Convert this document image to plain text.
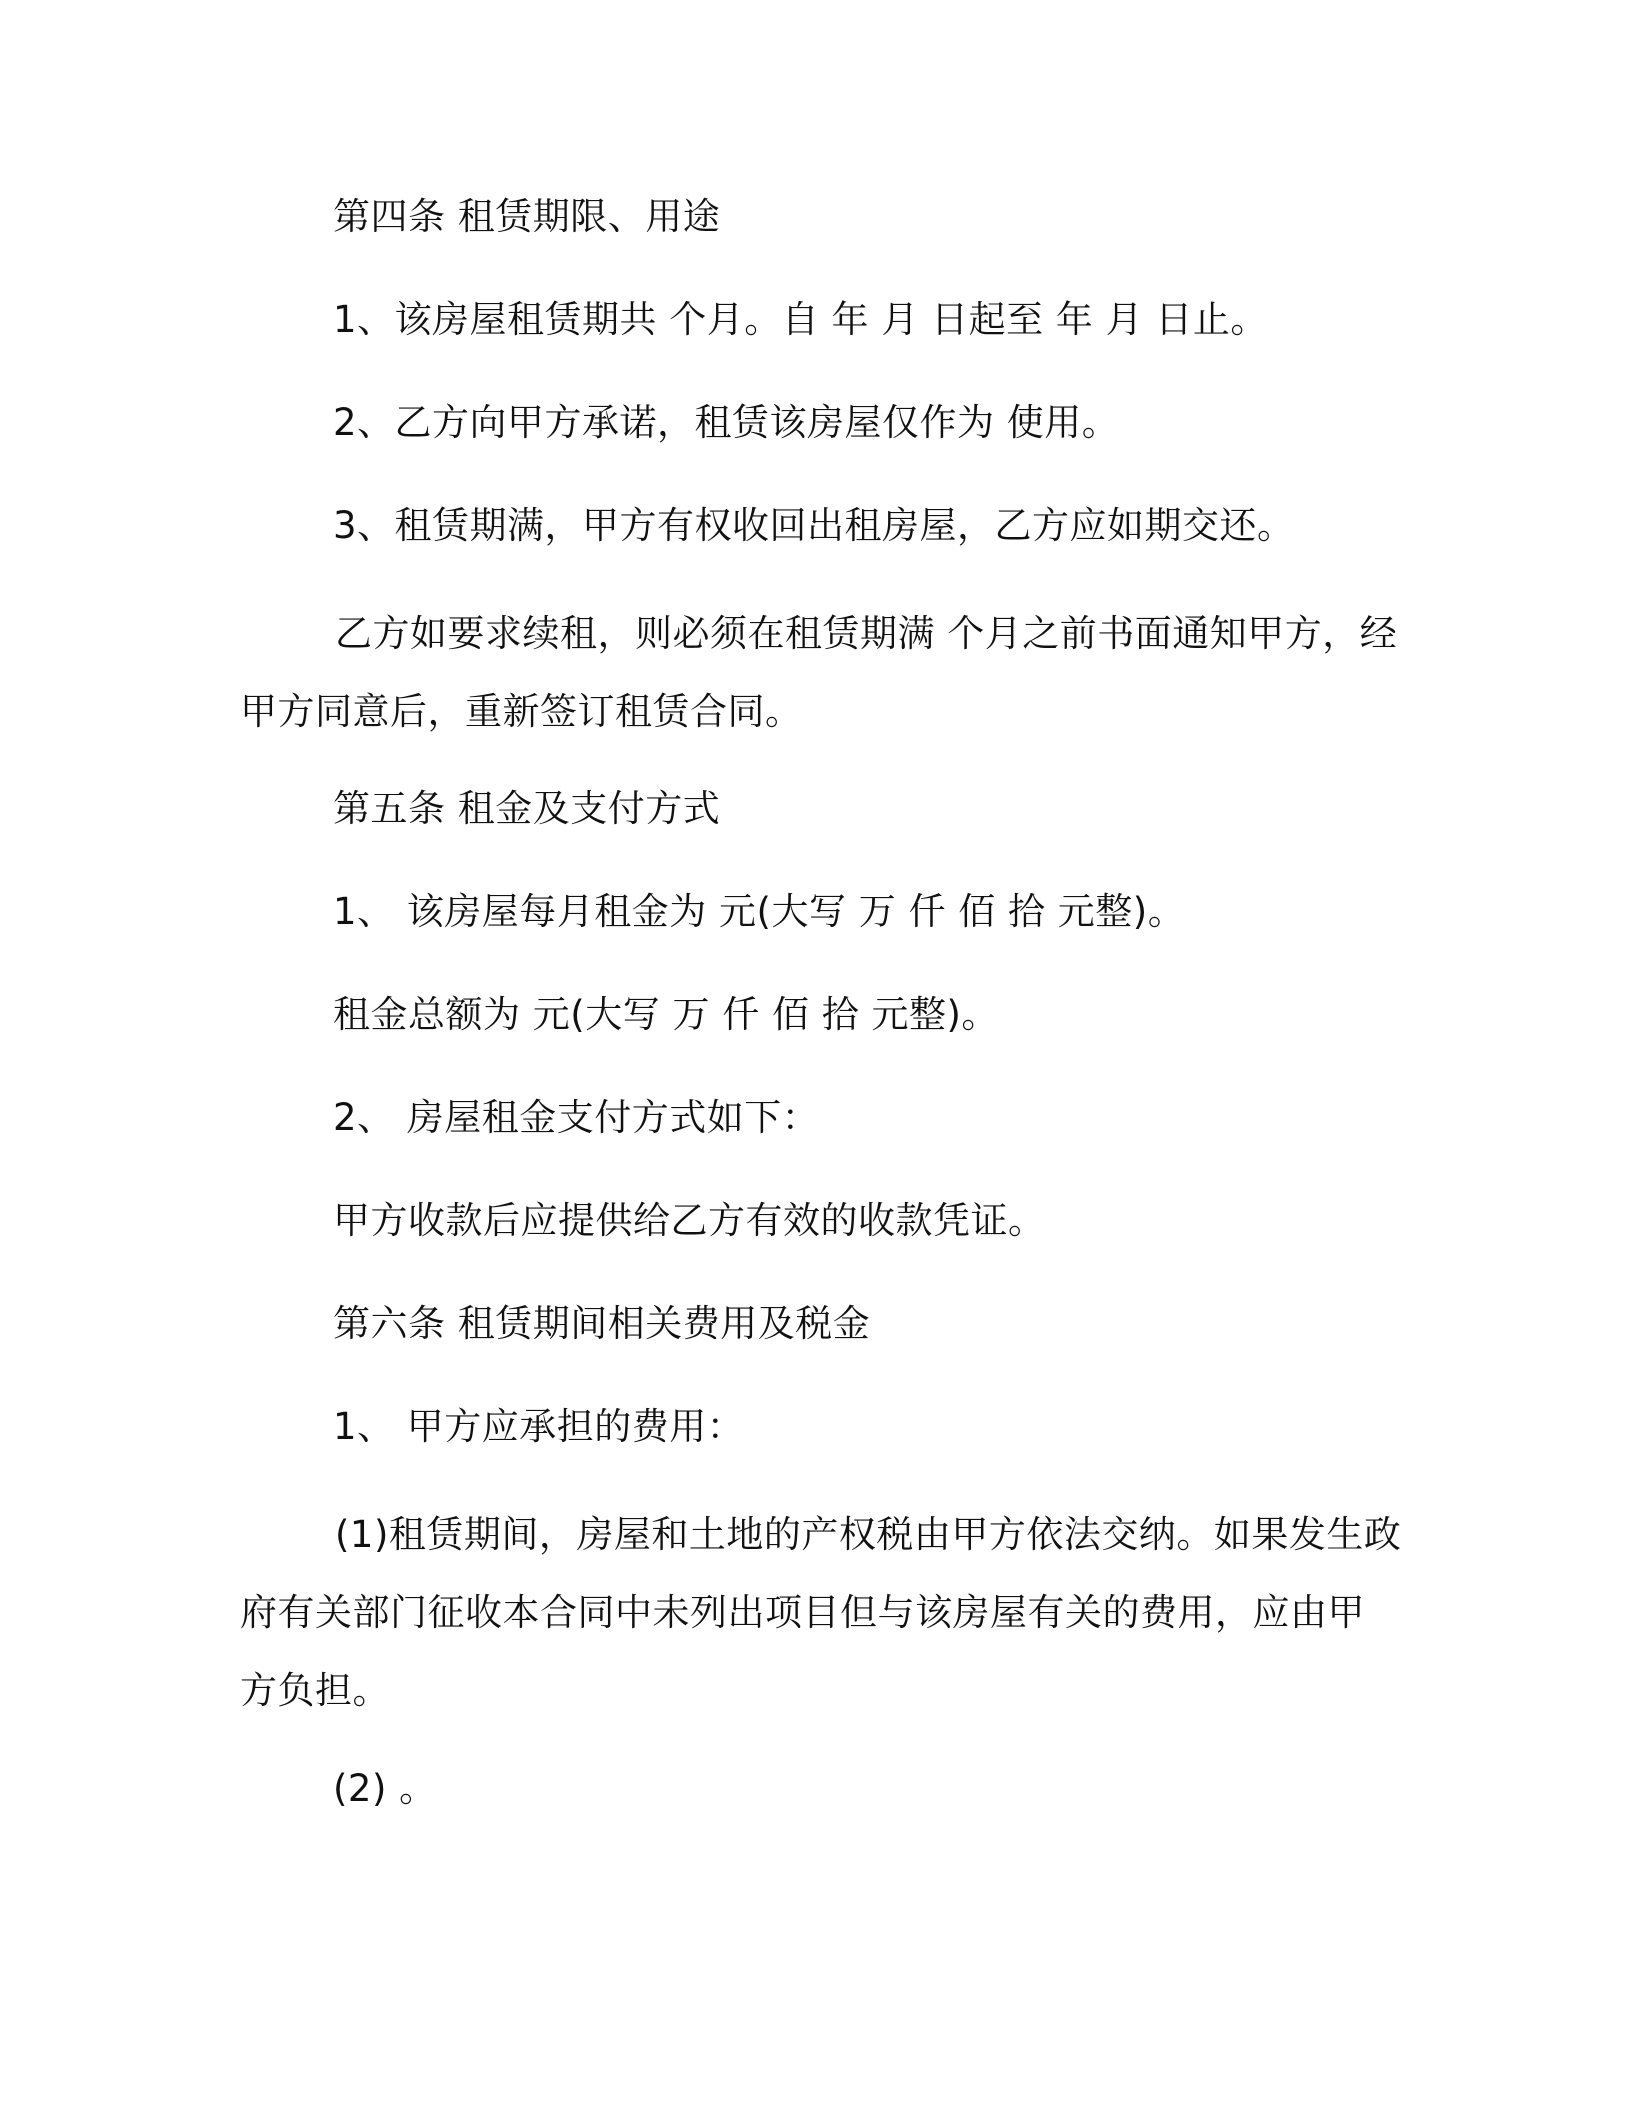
第四条 租赁期限、用途

1、该房屋租赁期共 个月。自 年 月 日起至 年 月 日止。

2、乙方向甲方承诺，租赁该房屋仅作为 使用。

3、租赁期满，甲方有权收回出租房屋，乙方应如期交还。

乙方如要求续租，则必须在租赁期满 个月之前书面通知甲方，经
甲方同意后，重新签订租赁合同。

第五条 租金及支付方式

1、 该房屋每月租金为 元(大写 万 仟 佰 拾 元整)。

租金总额为 元(大写 万 仟 佰 拾 元整)。

2、 房屋租金支付方式如下：

甲方收款后应提供给乙方有效的收款凭证。

第六条 租赁期间相关费用及税金

1、 甲方应承担的费用：

(1)租赁期间，房屋和土地的产权税由甲方依法交纳。如果发生政
府有关部门征收本合同中未列出项目但与该房屋有关的费用，应由甲
方负担。

(2) 。
